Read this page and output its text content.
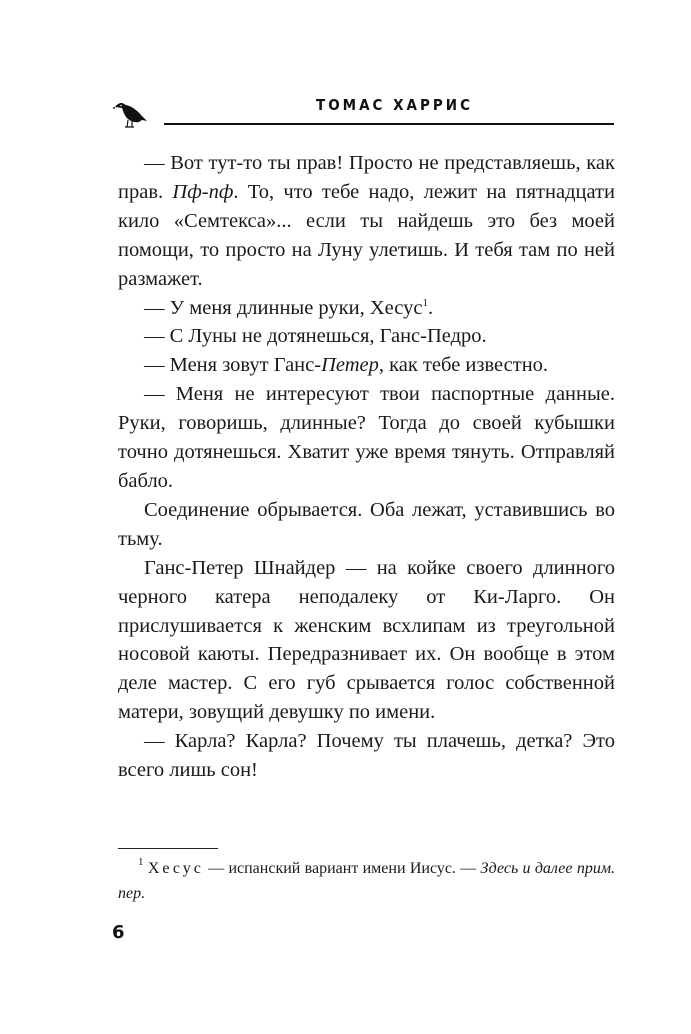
ТОМАС ХАРРИС

— Вот тут-то ты прав! Просто не представляешь, как прав. Пф-пф. То, что тебе надо, лежит на пятнадцати кило «Семтекса»... если ты найдешь это без моей помощи, то просто на Луну улетишь. И тебя там по ней размажет.

— У меня длинные руки, Хесус$^1$.

— С Луны не дотянешься, Ганс-Педро.

— Меня зовут Ганс-Петер, как тебе известно.

— Меня не интересуют твои паспортные данные. Руки, говоришь, длинные? Тогда до своей кубышки точно дотянешься. Хватит уже время тянуть. Отправляй бабло.

Соединение обрывается. Оба лежат, уставившись во тьму.

Ганс-Петер Шнайдер — на койке своего длинного черного катера неподалеку от Ки-Ларго. Он прислушивается к женским всхлипам из треугольной носовой каюты. Передразнивает их. Он вообще в этом деле мастер. С его губ срывается голос собственной матери, зовущий девушку по имени.

— Карла? Карла? Почему ты плачешь, детка? Это всего лишь сон!

$^1$ Хесус — испанский вариант имени Иисус. — Здесь и далее прим. пер.
6
